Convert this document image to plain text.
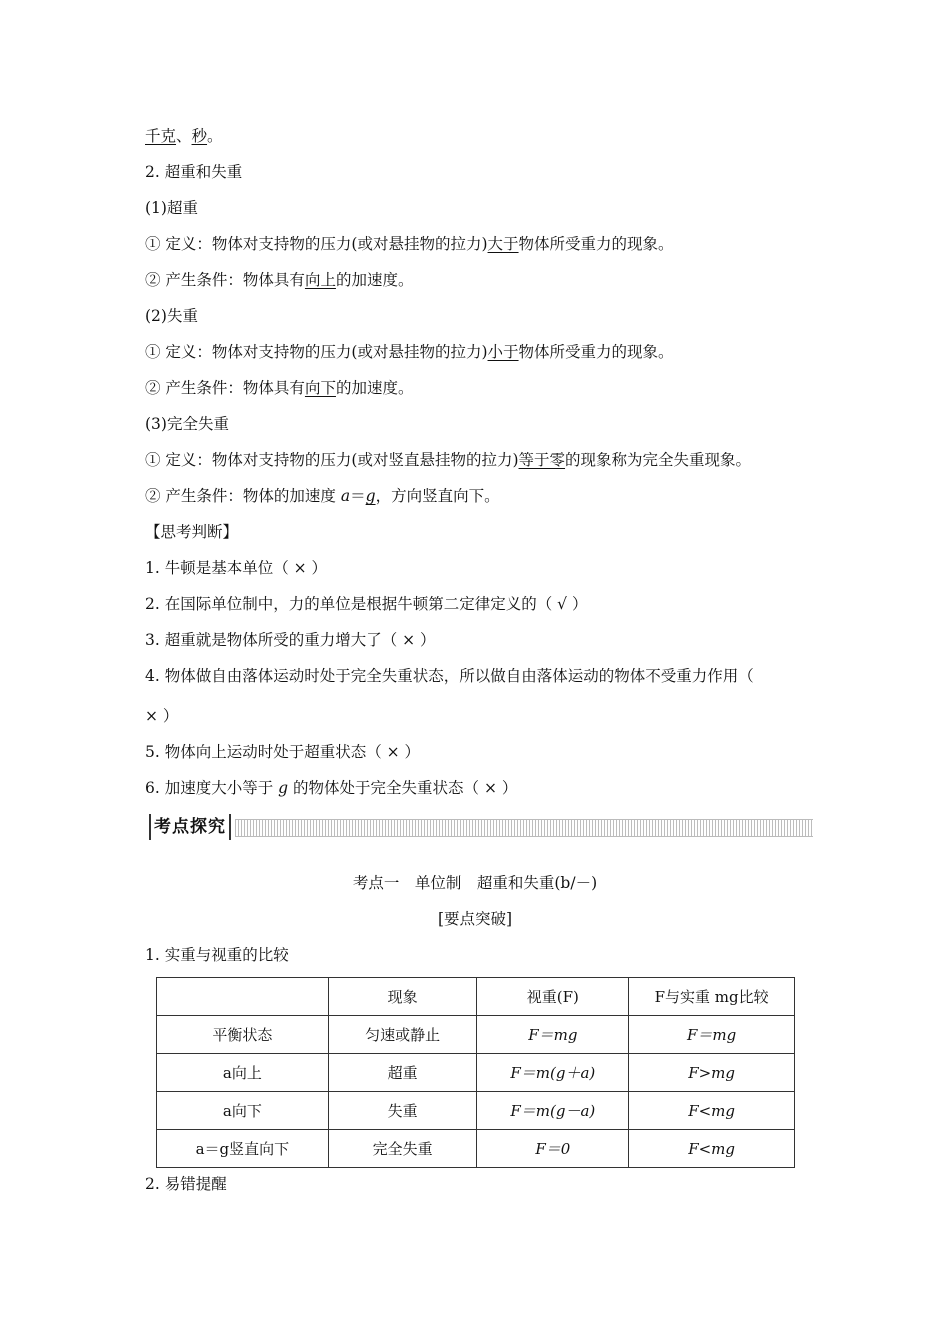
千克、秒。
2. 超重和失重
(1)超重
① 定义：物体对支持物的压力(或对悬挂物的拉力)大于物体所受重力的现象。
② 产生条件：物体具有向上的加速度。
(2)失重
① 定义：物体对支持物的压力(或对悬挂物的拉力)小于物体所受重力的现象。
② 产生条件：物体具有向下的加速度。
(3)完全失重
① 定义：物体对支持物的压力(或对竖直悬挂物的拉力)等于零的现象称为完全失重现象。
② 产生条件：物体的加速度 a＝g，方向竖直向下。
【思考判断】
1. 牛顿是基本单位（ × ）
2. 在国际单位制中，力的单位是根据牛顿第二定律定义的（ √ ）
3. 超重就是物体所受的重力增大了（ × ）
4. 物体做自由落体运动时处于完全失重状态，所以做自由落体运动的物体不受重力作用（
× ）
5. 物体向上运动时处于超重状态（ × ）
6. 加速度大小等于 g 的物体处于完全失重状态（ × ）
考点探究
考点一　单位制　超重和失重(b/－)
[要点突破]
1. 实重与视重的比较
	现象	视重(F)	F与实重 mg比较
平衡状态	匀速或静止	F＝mg	F＝mg
a向上	超重	F＝m(g＋a)	F>mg
a向下	失重	F＝m(g－a)	F<mg
a＝g竖直向下	完全失重	F＝0	F<mg
2. 易错提醒
